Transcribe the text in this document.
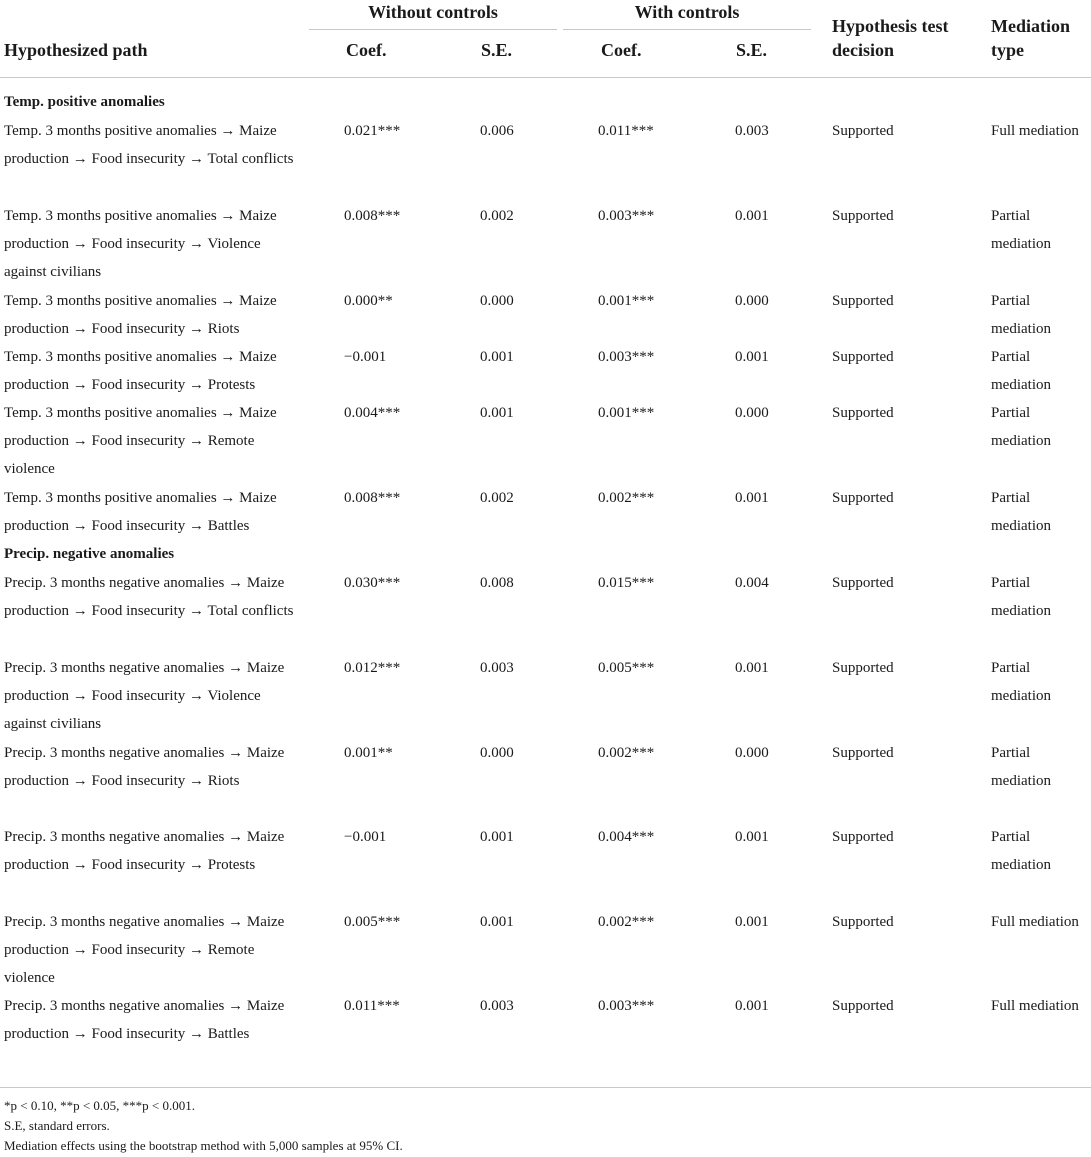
Without controls	With controls
Hypothesized path	Coef.	S.E.	Coef.	S.E.
Hypothesis test decision
Mediation type
Temp. positive anomalies
Temp. 3 months positive anomalies → Maize production → Food insecurity → Total conflicts
0.021***	0.006	0.011***	0.003	Supported	Full mediation
Temp. 3 months positive anomalies → Maize production → Food insecurity → Violence against civilians
0.008***	0.002	0.003***	0.001	Supported	Partial mediation
Temp. 3 months positive anomalies → Maize production → Food insecurity → Riots
0.000**	0.000	0.001***	0.000	Supported	Partial mediation
Temp. 3 months positive anomalies → Maize production → Food insecurity → Protests
−0.001	0.001	0.003***	0.001	Supported	Partial mediation
Temp. 3 months positive anomalies → Maize production → Food insecurity → Remote violence
0.004***	0.001	0.001***	0.000	Supported	Partial mediation
Temp. 3 months positive anomalies → Maize production → Food insecurity → Battles
0.008***	0.002	0.002***	0.001	Supported	Partial mediation
Precip. negative anomalies
Precip. 3 months negative anomalies → Maize production → Food insecurity → Total conflicts
0.030***	0.008	0.015***	0.004	Supported	Partial mediation
Precip. 3 months negative anomalies → Maize production → Food insecurity → Violence against civilians
0.012***	0.003	0.005***	0.001	Supported	Partial mediation
Precip. 3 months negative anomalies → Maize production → Food insecurity → Riots
0.001**	0.000	0.002***	0.000	Supported	Partial mediation
Precip. 3 months negative anomalies → Maize production → Food insecurity → Protests
−0.001	0.001	0.004***	0.001	Supported	Partial mediation
Precip. 3 months negative anomalies → Maize production → Food insecurity → Remote violence
0.005***	0.001	0.002***	0.001	Supported	Full mediation
Precip. 3 months negative anomalies → Maize production → Food insecurity → Battles
0.011***	0.003	0.003***	0.001	Supported	Full mediation
*p < 0.10, **p < 0.05, ***p < 0.001.
S.E, standard errors.
Mediation effects using the bootstrap method with 5,000 samples at 95% CI.
